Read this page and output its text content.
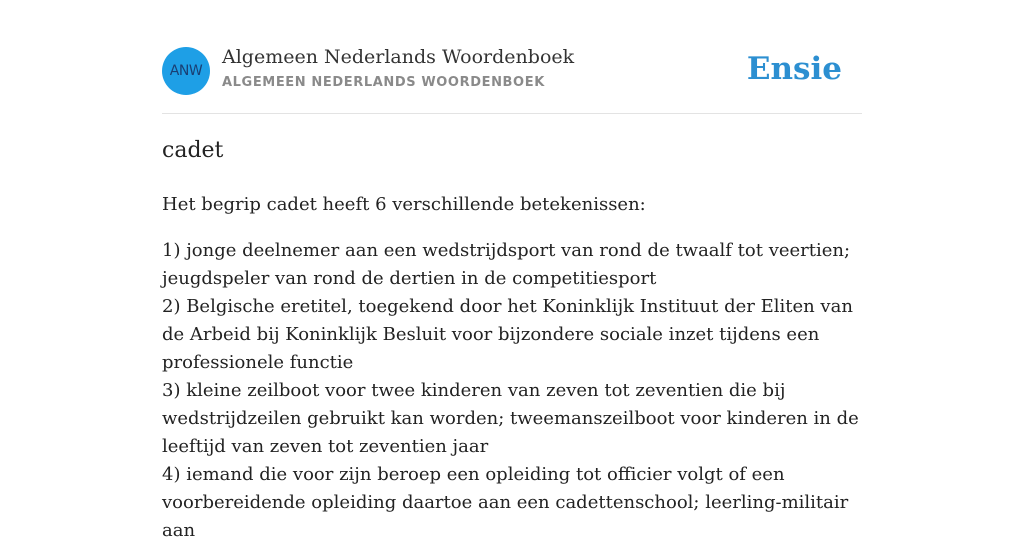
ANW
Algemeen Nederlands Woordenboek
ALGEMEEN NEDERLANDS WOORDENBOEK	Ensie
cadet

Het begrip cadet heeft 6 verschillende betekenissen:

1) jonge deelnemer aan een wedstrijdsport van rond de twaalf tot veertien; jeugdspeler van rond de dertien in de competitiesport
2) Belgische eretitel, toegekend door het Koninklijk Instituut der Eliten van de Arbeid bij Koninklijk Besluit voor bijzondere sociale inzet tijdens een professionele functie
3) kleine zeilboot voor twee kinderen van zeven tot zeventien die bij wedstrijdzeilen gebruikt kan worden; tweemanszeilboot voor kinderen in de leeftijd van zeven tot zeventien jaar
4) iemand die voor zijn beroep een opleiding tot officier volgt of een voorbereidende opleiding daartoe aan een cadettenschool; leerling-militair aan
